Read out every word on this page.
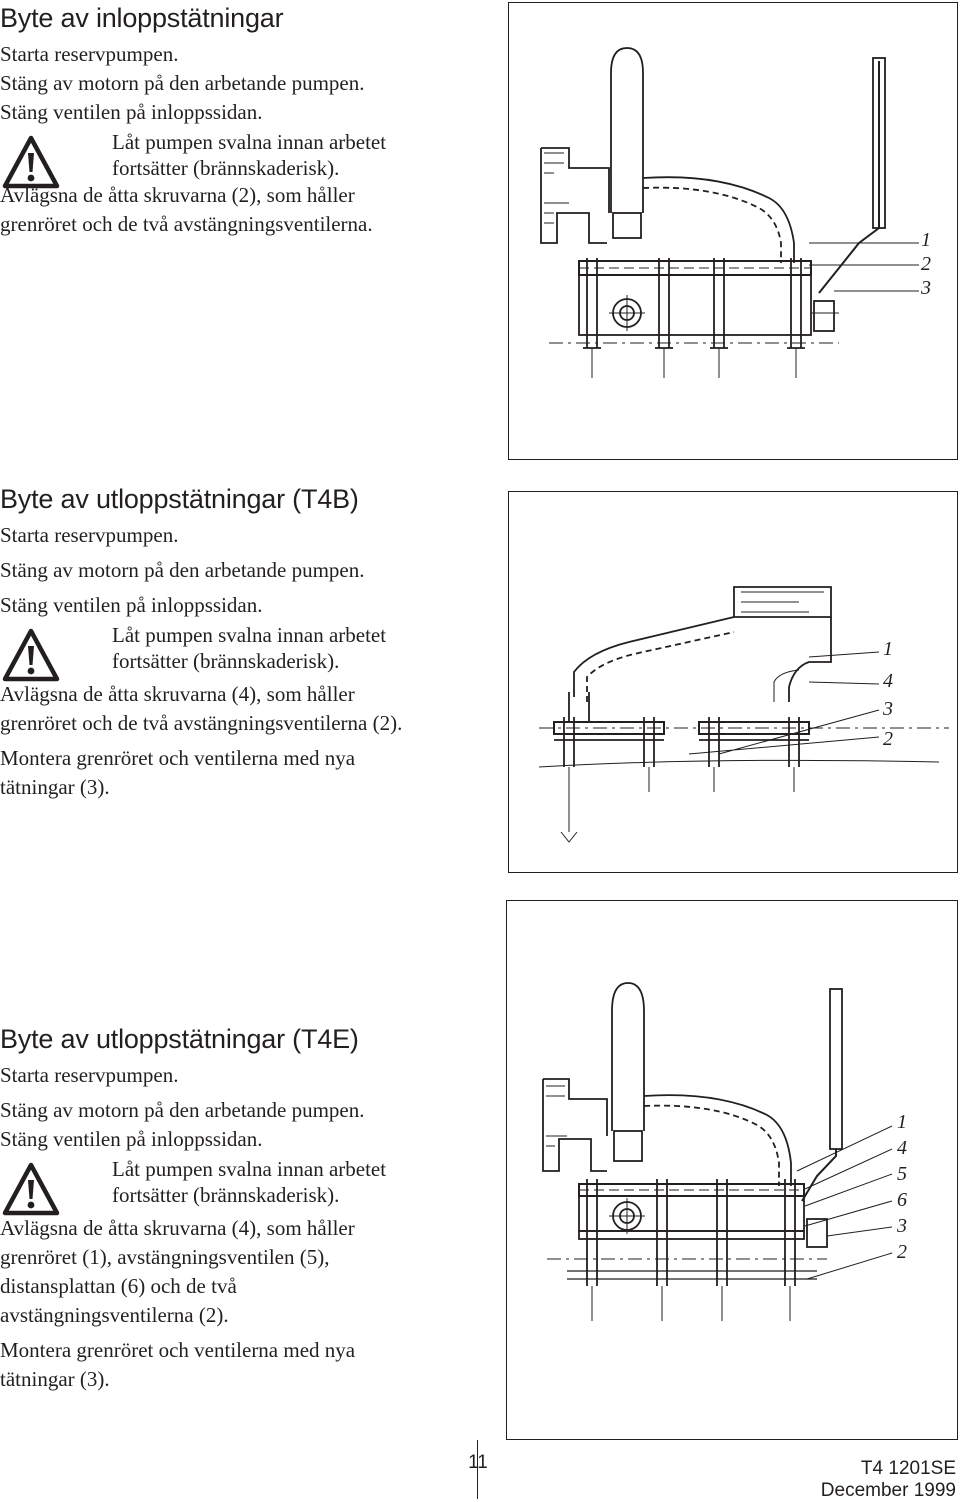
Byte av inloppstätningar

Starta reservpumpen.

Stäng av motorn på den arbetande pumpen.

Stäng ventilen på inloppssidan.

Låt pumpen svalna innan arbetet

fortsätter (brännskaderisk).

Avlägsna de åtta skruvarna (2), som håller

grenröret och de två avstängningsventilerna.

1
2
3
Byte av utloppstätningar (T4B)

Starta reservpumpen.

Stäng av motorn på den arbetande pumpen.

Stäng ventilen på inloppssidan.

Låt pumpen svalna innan arbetet

fortsätter (brännskaderisk).

Avlägsna de åtta skruvarna (4), som håller

grenröret och de två avstängningsventilerna (2).

Montera grenröret och ventilerna med nya

tätningar (3).

1
4
3
2
Byte av utloppstätningar (T4E)

Starta reservpumpen.

Stäng av motorn på den arbetande pumpen.

Stäng ventilen på inloppssidan.

Låt pumpen svalna innan arbetet

fortsätter (brännskaderisk).

Avlägsna de åtta skruvarna (4), som håller

grenröret (1), avstängningsventilen (5),

distansplattan (6) och de två

avstängningsventilerna (2).

Montera grenröret och ventilerna med nya

tätningar (3).

1
4
5
6
3
2
11	T4 1201SE
December 1999
